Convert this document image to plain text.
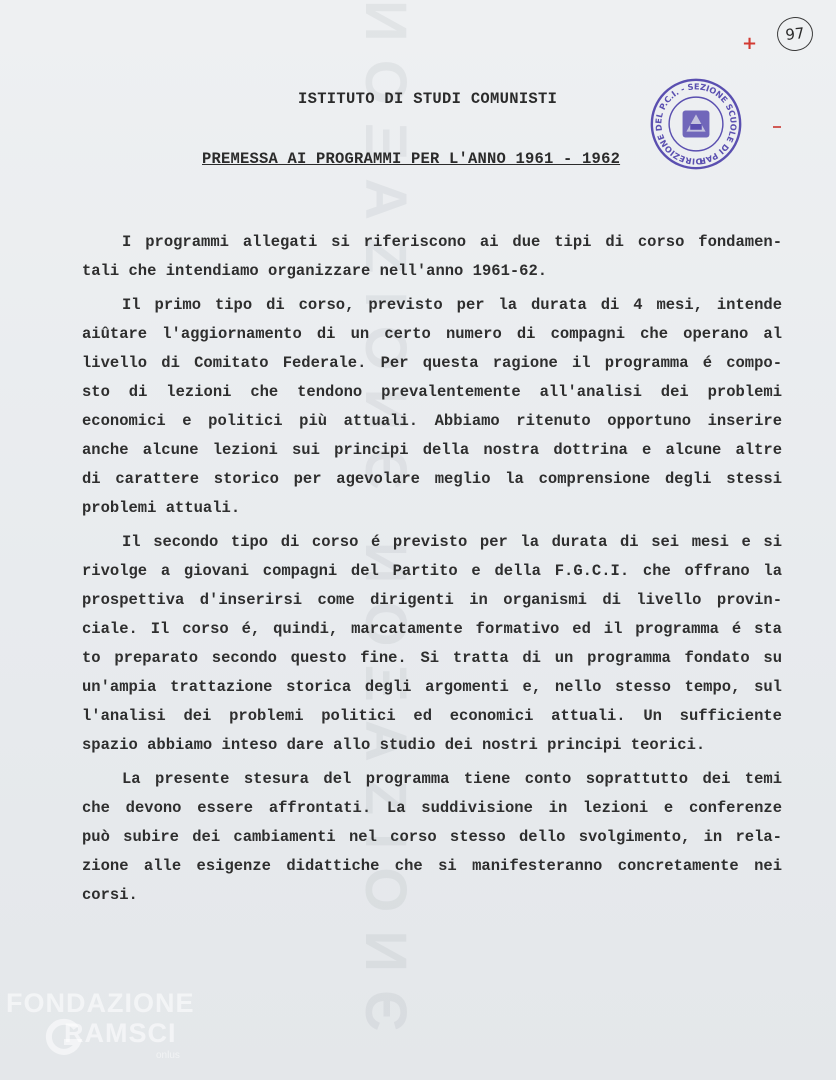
ИОΞΑZΙΟИЄ ИОΞΑZΙΟИЄ	97
+
DIREZIONE DEL P.C.I. - SEZIONE SCUOLE DI PARTITO
ISTITUTO DI STUDI COMUNISTI
PREMESSA AI PROGRAMMI PER L'ANNO 1961 - 1962
I programmi allegati si riferiscono ai due tipi di corso fondamen-
tali che intendiamo organizzare nell'anno 1961-62.
Il primo tipo di corso, previsto per la durata di 4 mesi, intende
aiûtare l'aggiornamento di un certo numero di compagni che operano al
livello di Comitato Federale. Per questa ragione il programma é compo-
sto di lezioni che tendono prevalentemente all'analisi dei problemi
economici e politici più attuali. Abbiamo ritenuto opportuno inserire
anche alcune lezioni sui principi della nostra dottrina e alcune altre
di carattere storico per agevolare meglio la comprensione degli stessi
problemi attuali.
Il secondo tipo di corso é previsto per la durata di sei mesi e si
rivolge a giovani compagni del Partito e della F.G.C.I. che offrano la
prospettiva d'inserirsi come dirigenti in organismi di livello provin-
ciale. Il corso é, quindi, marcatamente formativo ed il programma é sta
to preparato secondo questo fine. Si tratta di un programma fondato su
un'ampia trattazione storica degli argomenti e, nello stesso tempo, sul
l'analisi dei problemi politici ed economici attuali. Un sufficiente
spazio abbiamo inteso dare allo studio dei nostri principi teorici.
La presente stesura del programma tiene conto soprattutto dei temi
che devono essere affrontati. La suddivisione in lezioni e conferenze
può subire dei cambiamenti nel corso stesso dello svolgimento, in rela-
zione alle esigenze didattiche che si manifesteranno concretamente nei
corsi.
FONDAZIONE
RAMSCI
onlus
